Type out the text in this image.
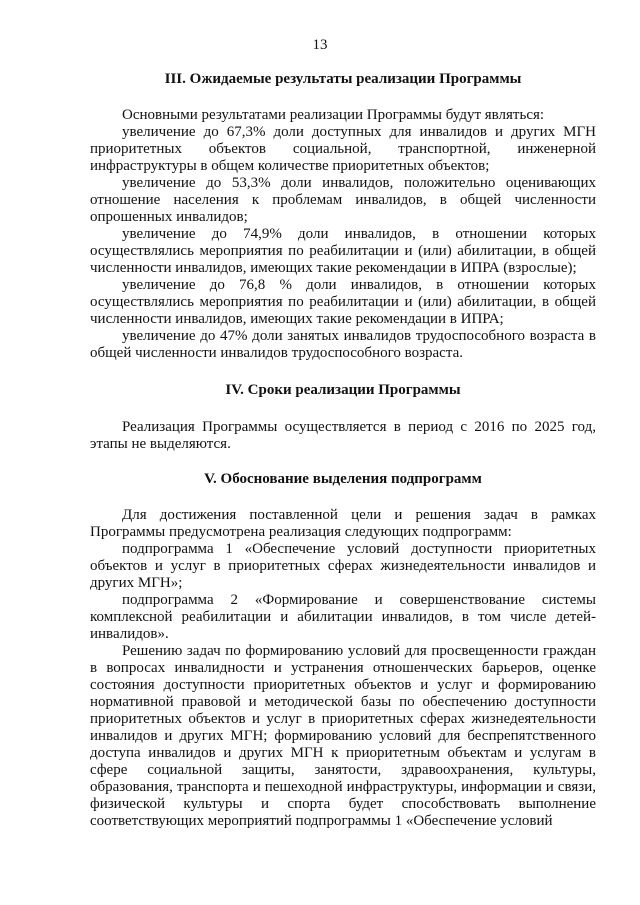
13
III. Ожидаемые результаты реализации Программы

Основными результатами реализации Программы будут являться:

увеличение до 67,3% доли доступных для инвалидов и других МГН приоритетных объектов социальной, транспортной, инженерной инфраструктуры в общем количестве приоритетных объектов;

увеличение до 53,3% доли инвалидов, положительно оценивающих отношение населения к проблемам инвалидов, в общей численности опрошенных инвалидов;

увеличение до 74,9% доли инвалидов, в отношении которых осуществлялись мероприятия по реабилитации и (или) абилитации, в общей численности инвалидов, имеющих такие рекомендации в ИПРА (взрослые);

увеличение до 76,8 % доли инвалидов, в отношении которых осуществлялись мероприятия по реабилитации и (или) абилитации, в общей численности инвалидов, имеющих такие рекомендации в ИПРА;

увеличение до 47% доли занятых инвалидов трудоспособного возраста в общей численности инвалидов трудоспособного возраста.

IV. Сроки реализации Программы

Реализация Программы осуществляется в период с 2016 по 2025 год, этапы не выделяются.

V. Обоснование выделения подпрограмм

Для достижения поставленной цели и решения задач в рамках Программы предусмотрена реализация следующих подпрограмм:

подпрограмма 1 «Обеспечение условий доступности приоритетных объектов и услуг в приоритетных сферах жизнедеятельности инвалидов и других МГН»;

подпрограмма 2 «Формирование и совершенствование системы комплексной реабилитации и абилитации инвалидов, в том числе детей-инвалидов».

Решению задач по формированию условий для просвещенности граждан в вопросах инвалидности и устранения отношенческих барьеров, оценке состояния доступности приоритетных объектов и услуг и формированию нормативной правовой и методической базы по обеспечению доступности приоритетных объектов и услуг в приоритетных сферах жизнедеятельности инвалидов и других МГН; формированию условий для беспрепятственного доступа инвалидов и других МГН к приоритетным объектам и услугам в сфере социальной защиты, занятости, здравоохранения, культуры, образования, транспорта и пешеходной инфраструктуры, информации и связи, физической культуры и спорта будет способствовать выполнение соответствующих мероприятий подпрограммы 1 «Обеспечение условий
